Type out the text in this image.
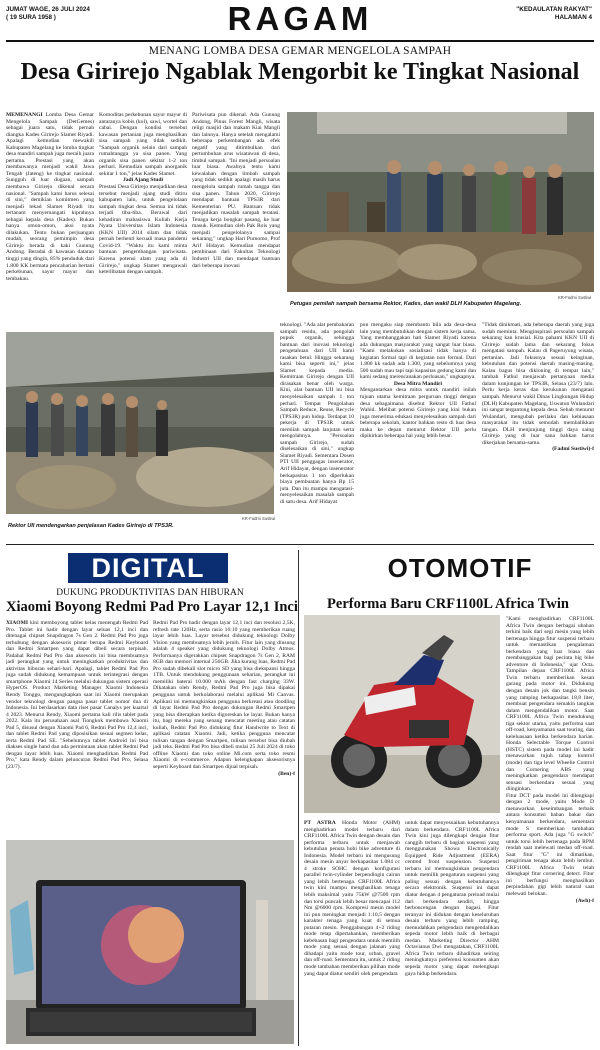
JUMAT WAGE, 26 JULI 2024
( 19 SURA 1958 )	RAGAM	"KEDAULATAN RAKYAT"
HALAMAN 4
MENANG LOMBA DESA GEMAR MENGELOLA SAMPAH
Desa Girirejo Ngablak Mengorbit ke Tingkat Nasional
MEMENANGI Lomba Desa Gemar Mengelola Sampah (DetGemes) sebagai juara satu, tidak pernah diangka Kades Girirejo Slamet Riyadi. Apalagi kemudian mewakili Kabupaten Magelang ke lomba tingkat desa mandiri sampah juga meraih juara pertama. Prestasi yang akan membawanya menjadi wakil Jawa Tengah (Jateng) ke tingkat nasional. Sungguh di luar dugaan, sampah membawa Girirejo dikenal secara nasional. "Sampah kami harus selesai di sini," demikian komitmen yang menjadi tekad Slamet Riyadi itu tertanam menyemangati kiprahnya sebagai kepala desa (Kades). Bukan hanya omon-omon, aksi nyata dilakukan. Tentu bukan perjuangan mudah, seorang pemimpin desa Girirejo berada di kaki Gunung Andong. Beradai di kawasan dataran tinggi yang dingin, 85% penduduk dari 1.800 KK bermata pencaharian bertani perkebunan, sayur mayur dan tembakau.

Komoditas perkebunan sayur mayur di antaranya kobis (kol), sawi, wortel dan cabai. Dengan kondisi tersebut kawasan pertanian juga menghasilkan sisa sampah yang tidak sedikit. "Sampah organik selain dari sampah rumahtangga ya sisa panen. Yang organik sisa panen sekitar 1-2 ton perhari. Kemudian sampah anorganik sekitar 1 ton," jelas Kades Slamet.

Jadi Ajang Studi

Prestasi Desa Girirejo menjadikan desa tersebut menjadi ajang studi ditiru kabupaten lain, untuk pengelolaan sampah tingkat desa. Semua ini tidak terjadi tiba-tiba. Berawal dari kehadiran mahasiswa Kuliah Kerja Nyata Universitas Islam Indonesia (KKN UII) 2014 silam dan tidak pernah berhenti kecuali masa pandemi Covid-19. "Waktu itu kami minta bantuan pengembangan pariwisata. Karena potensi alam yang ada di Girirejo," ungkap Slamet mengawali keterlibatan dengan sampah.

Pariwisata pun dikenal. Ada Gunung Andong, Pinus Forest Mangli, wisata religi masjid dan makam Kiai Mangli dan lainnya. Hanya setelah mengalami beberapa perkembangan ada efek negatif yang ditimbulkan dari pertumbuhan arus wisatawan di desa, timbul sampah. "Ini menjadi persoalan luar biasa. Awalnya tentu kami kewalahan dengan limbah sampah yang tidak sedikit apalagi masih harus mengelola sampah rumah tangga dan sisa panen. Tahun 2020, Girirejo mendapat bantuan TPS3R dari Kementerian PU. Bantuan tidak menjadikan masalah sampah teratasi. Tenaga kerja bongkar pasang, ke luar masuk. Kemudian oleh Pak Rois yang menjadi pengelolanya sampai sekarang," ungkap Hari Purnomo, Prof Arif Hidayat. Kemudian mendapat pembinaan dari Fakultas Teknologi Industri UII dan mendapat bantuan dari beberapa inovasi
KR-Fadmi Sustiwi
Petugas pemilah sampah bersama Rektor, Kades, dan wakil DLH Kabupaten Magelang.
Rektor UII mendengarkan penjelasan Kades Girirejo di TPS3R.
KR-Fadmi Sustiwi
teknologi. "Ada alat pembakaran sampah residu, ada pengolah pupuk organik, sehingga bantuan dari inovasi teknologi pengetahuan dari UII kami rasakan betul. Hingga sekarang kami bisa seperti ini," jelas Slamet kepada media. Kemitraan Girirejo dengan UII dirasakan benar oleh warga. Kini, alat bantuan UII ini bisa menyelesaikan sampah 1 ton perhari. Tempat Pengolahan Sampah Reduce, Reuse, Recycle (TPS3R) pun hidup. Terdapat 10 pekerja di TPS3R untuk memilah sampah lanjutan serta mengolahnya. "Persoalan sampah Girirejo, sudah diselesaikan di sini," ungkap Slamet Riyadi. Sementara Dosen PTI UII penggagas insenerator, Arif Hidayat, dengan insenerator berkapasitas 1 ton diperlukan biaya pembuatan hanya Rp 15 juta. Dan itu mampu mengatasi-menyelesaikan masalah sampah di satu desa. Arif Hidayat

pun mengaku siap membantu bila ada desa-desa lain yang membutuhkan dengan sistem kerja sama. Yang membanggakan hati Slamet Riyadi karena ada dukungan masyarakat yang sangat luar biasa. "Kami melakukan sosialisasi tidak hanya di kegiatan formal tapi di kegiatan non formal. Dari 1.800 kk sudah ada 1.300, yang sebelumnya yang 500 sudah mau tapi tapi kapasitas gedung kami dan kami sedang merencanakan perluasan," ungkapnya.

Desa Mitra Mandiri

Mengantarkan desa mitra untuk mandiri inilah tujuan utama kemitraan perguruan tinggi dengan desa sebagaimana disebut Rektor UII Fathul Wahid. Melihat potensi Girirejo yang kini bukan juga menerima edukasi menyelesaikan sampah dari beberapa sekolah, kantor bahkan resto di luar desa maka ke depan menurut Rektor UII perlu dipikirkan beberapa hal yang lebih besar.

"Tidak dinikmati, ada beberapa daerah yang juga sudah meminta. Menginspirasi persoalan sampah sekarang kan krusial. Kita pahami KKN UII di Girirejo sudah lama dan sekarang fokus mengatasi sampah. Kalau di Pageruyung wisata, pertanian. Jadi fokusnya sesuai keinginan, kebutuhan dan potensi daerah masing-masing. Kalau bagus bisa dikloning di tempat lain," tambah Fathul menjawab pertanyaan media dalam kunjungan ke TPS3R, Selasa (23/7) lalu. Perlu kerja keras dan kerukunan mengatasi sampah. Menurut wakil Dinas Lingkungan Hidup (DLH) Kabupaten Magelang, Uswatun Wulandari ini sangat tergantung kepala desa. Sebab menurut Wulandari, mengubah perilaku dan kebiasaan masyarakat itu tidak semudah membalikkan tangan. DLH menjunjung tinggi daya saing Girirejo yang di luar sana bahkan harus dikerjakan bersama-sama.

(Fadmi Sustiwi)-f

DIGITAL
DUKUNG PRODUKTIVITAS DAN HIBURAN
Xiaomi Boyong Redmi Pad Pro Layar 12,1 Inci
XIAOMI kini memboyong tablet kelas menengah Redmi Pad Pro. Tablet ini hadir dengan layar seluas 12,1 inci dan ditenagai chipset Snapdragon 7s Gen 2. Redmi Pad Pro juga terhubung dengan aksesoris pintar berupa Redmi Keyboard dan Redmi Smartpen yang dapat dibeli secara terpisah. Padahal Redmi Pad Pro dan aksesoris ini bisa membuatnya jadi perangkat yang untuk meningkatkan produktivitas dan aktivitas hiburan sehari-hari. Apalagi, tablet Redmi Pad Pro juga sudah didukung kemampuan untuk terintegrasi dengan smartphone Xiaomi 14 Series melalui dukungan sistem operasi HyperOS. Product Marketing Manager Xiaomi Indonesia Rendy Tonggo, mengungkapkan saat ini Xiaomi merupakan vendor teknologi dengan pangsa pasar tablet nomor dua di Indonesia. Ini berdasarkan data riset pasar Canalys per kuartal 4 2023. Menurut Rendy, Xiaomi pertama kali rilis tablet pada 2022. Kala itu perusahaan asal Tiongkok membawa Xiaomi Pad 5, disusul dengan Xiaomi Pad 6, Redmi Pad Pro 12,4 inci, dan tablet Redmi Pad yang diposisikan sesuai segmen kelas, serta Redmi Pad SE. "Sebelumnya tablet Android ini bisa diakses single hand dan ada permintaan akan tablet Redmi Pad dengan layar lebih luas. Xiaomi menghadirkan Redmi Pad Pro," kata Rendy dalam peluncuran Redmi Pad Pro, Selasa (23/7).
Redmi Pad Pro hadir dengan layar 12,1 inci dan resolusi 2,5K, refresh rate 120Hz, serta rasio 16:10 yang memberikan ruang layar lebih luas. Layar tersebut didukung teknologi Dolby Vision yang membuatnya lebih jernih. Fitur lain yang diusung adalah 4 speaker yang didukung teknologi Dolby Atmos. Performanya digerakkan chipset Snapdragon 7s Gen 2, RAM 8GB dan memori internal 256GB. Jika kurang luas, Redmi Pad Pro sudah dibekali slot micro SD yang bisa diekspansi hingga 1TB. Untuk mendukung penggunaan seharian, perangkat ini memiliki baterai 10.000 mAh dengan fast charging 33W. Dikatakan oleh Rendy, Redmi Pad Pro juga bisa dipakai pengguna untuk berkolaborasi melalui aplikasi Mi Canvas. Aplikasi ini memungkinkan pengguna berkreasi atau doodling di layar Redmi Pad Pro dengan dukungan Redmi Smartpen yang bisa diterapkan ketika digoreskan ke layar. Bukan hanya itu, bagi mereka yang senang mencatat meeting atau catatan kuliah, Redmi Pad Pro didukung fitur Handwrite to Text di aplikasi catatan Xiaomi. Jadi, ketika pengguna mencatat tulisan tangan dengan Smartpen, tulisan tersebut bisa diubah jadi teks. Redmi Pad Pro bisa dibeli mulai 25 Juli 2024 di toko offline Xiaomi dan toko online Mi.com serta toko resmi Xiaomi di e-commerce. Adapun kelengkapan aksesorisnya seperti Keyboard dan Smartpen dijual terpisah.

(Ben)-f

OTOMOTIF
Performa Baru CRF1100L Africa Twin
PT ASTRA Honda Motor (AHM) menghadirkan model terbaru dari CRF1100L Africa Twin dengan desain dan performa terbaru untuk menjawab kebutuhan penuta hobi bike adventure di Indonesia. Model terbaru ini mengusung desain mesin anyar berkapasitas 1.084 cc 4 stroke SOHC dengan konfigurasi parallel twin-cylinder berpendingin cairan yang lebih bertenaga. CRF1100L Africa twin kini mampu menghasilkan tenaga lebih maksimal yaitu 75kW @7500 rpm dan torsi puncak lebih besar mencapai 112 Nm @6000 rpm. Kompresi mesin model ini pun meningkat menjadi 1:10,5 dengan karakter tenaga yang kuat di semua putaran mesin. Penggabungan 4+2 riding mode tetap dipertahankan, memberikan kebebasan bagi pengendara untuk memilih mode yang sesuai dengan jalanan yang dihadapi yaitu mode tour, urban, gravel dan off-road. Sementara itu, untuk 2 riding mode tambahan memberikan pilihan mode yang dapat diatur sendiri oleh pengendara
untuk dapat menyesuaikan kebutuhannya dalam berkendara. CRF1100L Africa Twin kini juga dilengkapi dengan fitur canggih terbaru di bagian suspensi yang menggunakan Showa Electronically Equipped Ride Adjustment (EERA) centred front suspension. Suspensi terbaru ini memungkinkan pengendara untuk memilih pengaturan suspensi yang paling sesuai dengan kebutuhannya secara elektronik. Suspensi ini dapat diatur dengan 4 pengaturan preload mulai dari berkendara sendiri, hingga berboncengan dengan bagasi. Fitur teranyar ini didukan dengan keseluruhan desain terbaru yang lebih ramping, memudahkan pengendara mengendalikan sepeda motor lebih baik di berbagai medan. Marketing Director AHM Octavianus Dwi mengatakan, CRF1100L Africa Twin terbaru dihadirkan seiring meningkatnya preferensi konsumen akan sepeda motor yang dapat melengkapi gaya hidup berkendara.

"Kami menghadirkan CRF1100L Africa Twin dengan berbagai ubahan terkini baik dari segi mesin yang lebih bertenaga hingga fitur suspensi terbaru untuk memastikan pengalaman berkendara yang luar biasa dan membanggakan bagi pecinta big bike adventure di Indonesia," ujar Octa. Tampilan depan CRF1100L Africa Twin terbaru memberikan kesan garang pada motor ini. Didukung dengan desain jok dan tangki bensin yang ramping berkapasitas 18,8 liter, membuat pengendara semakin tangkas dalam mengendalikan motor. Saat CRF1100L Africa Twin mendukung tiga sektor utama, yaitu performa saat off-road, kenyamanan saat touring, dan keleluasaan ketika berkendara harian. Honda Selectable Torque Control (HSTC) sistem pada model ini hadir menawarkan tujuh tahap kontrol (mode) dan tiga level Wheelie Control dan Cornering ABS yang meningkatkan pengendara mendapat sensasi berkendara sesuai yang diinginkan.

Fitur DCT pada model ini dilengkapi dengan 2 mode, yaitu Mode D menawarkan keseimbangan terbaik antara konsumsi bahan bakar dan kenyamanan berkendara, sementara mode S memberikan tambahan performa sport. Ada juga "G switch" untuk torsi lebih bertenaga pada RPM rendah saat melewati medan off-road. Saat fitur "G" ini dimatikan, pengiriman tenaga akan lebih lembut. CRF1100L Africa Twin telah dilengkapi fitur cornering detect. Fitur ini berfungsi menghasilkan perpindahan gigi lebih natural saat melewati belokan.

(Awh)-f
